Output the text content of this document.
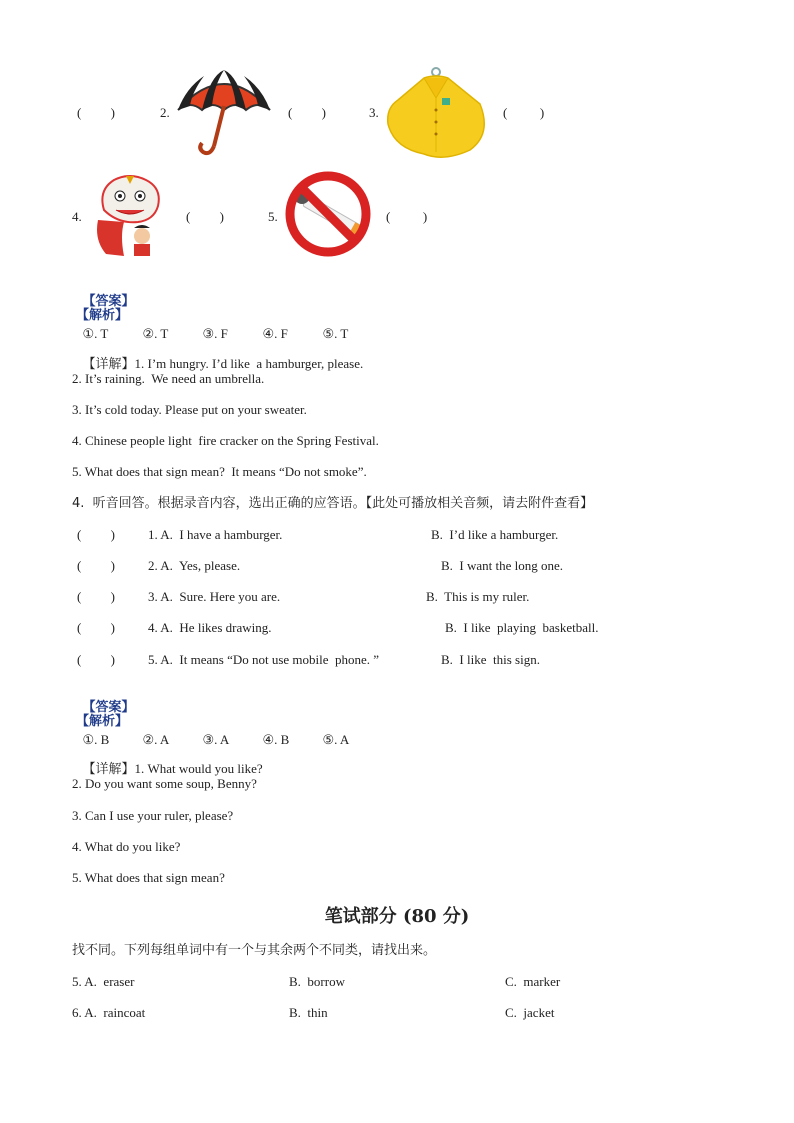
(         )	2.	(         )	3.	(          )
4.	(         )	5.	(          )

【答案】

①. T	②. T	③. F	④. F	⑤. T

【解析】

【详解】1. I’m hungry. I’d like  a hamburger, please.

2. It’s raining.  We need an umbrella.
3. It’s cold today. Please put on your sweater.
4. Chinese people light  fire cracker on the Spring Festival.
5. What does that sign mean?  It means “Do not smoke”.
4.  听音回答。根据录音内容，选出正确的应答语。【此处可播放相关音频，请去附件查看】
(         )	1. A.  I have a hamburger.	B.  I’d like a hamburger.
(         )	2. A.  Yes, please.	B.  I want the long one.
(         )	3. A.  Sure. Here you are.	B.  This is my ruler.
(         )	4. A.  He likes drawing.	B.  I like  playing  basketball.
(         )	5. A.  It means “Do not use mobile  phone. ”	B.  I like  this sign.

【答案】

①. B	②. A	③. A	④. B	⑤. A

【解析】

【详解】1. What would you like?

2. Do you want some soup, Benny?
3. Can I use your ruler, please?
4. What do you like?
5. What does that sign mean?
笔试部分 (80 分)
找不同。下列每组单词中有一个与其余两个不同类，请找出来。
5. A.  eraser	B.  borrow	C.  marker
6. A.  raincoat	B.  thin	C.  jacket
